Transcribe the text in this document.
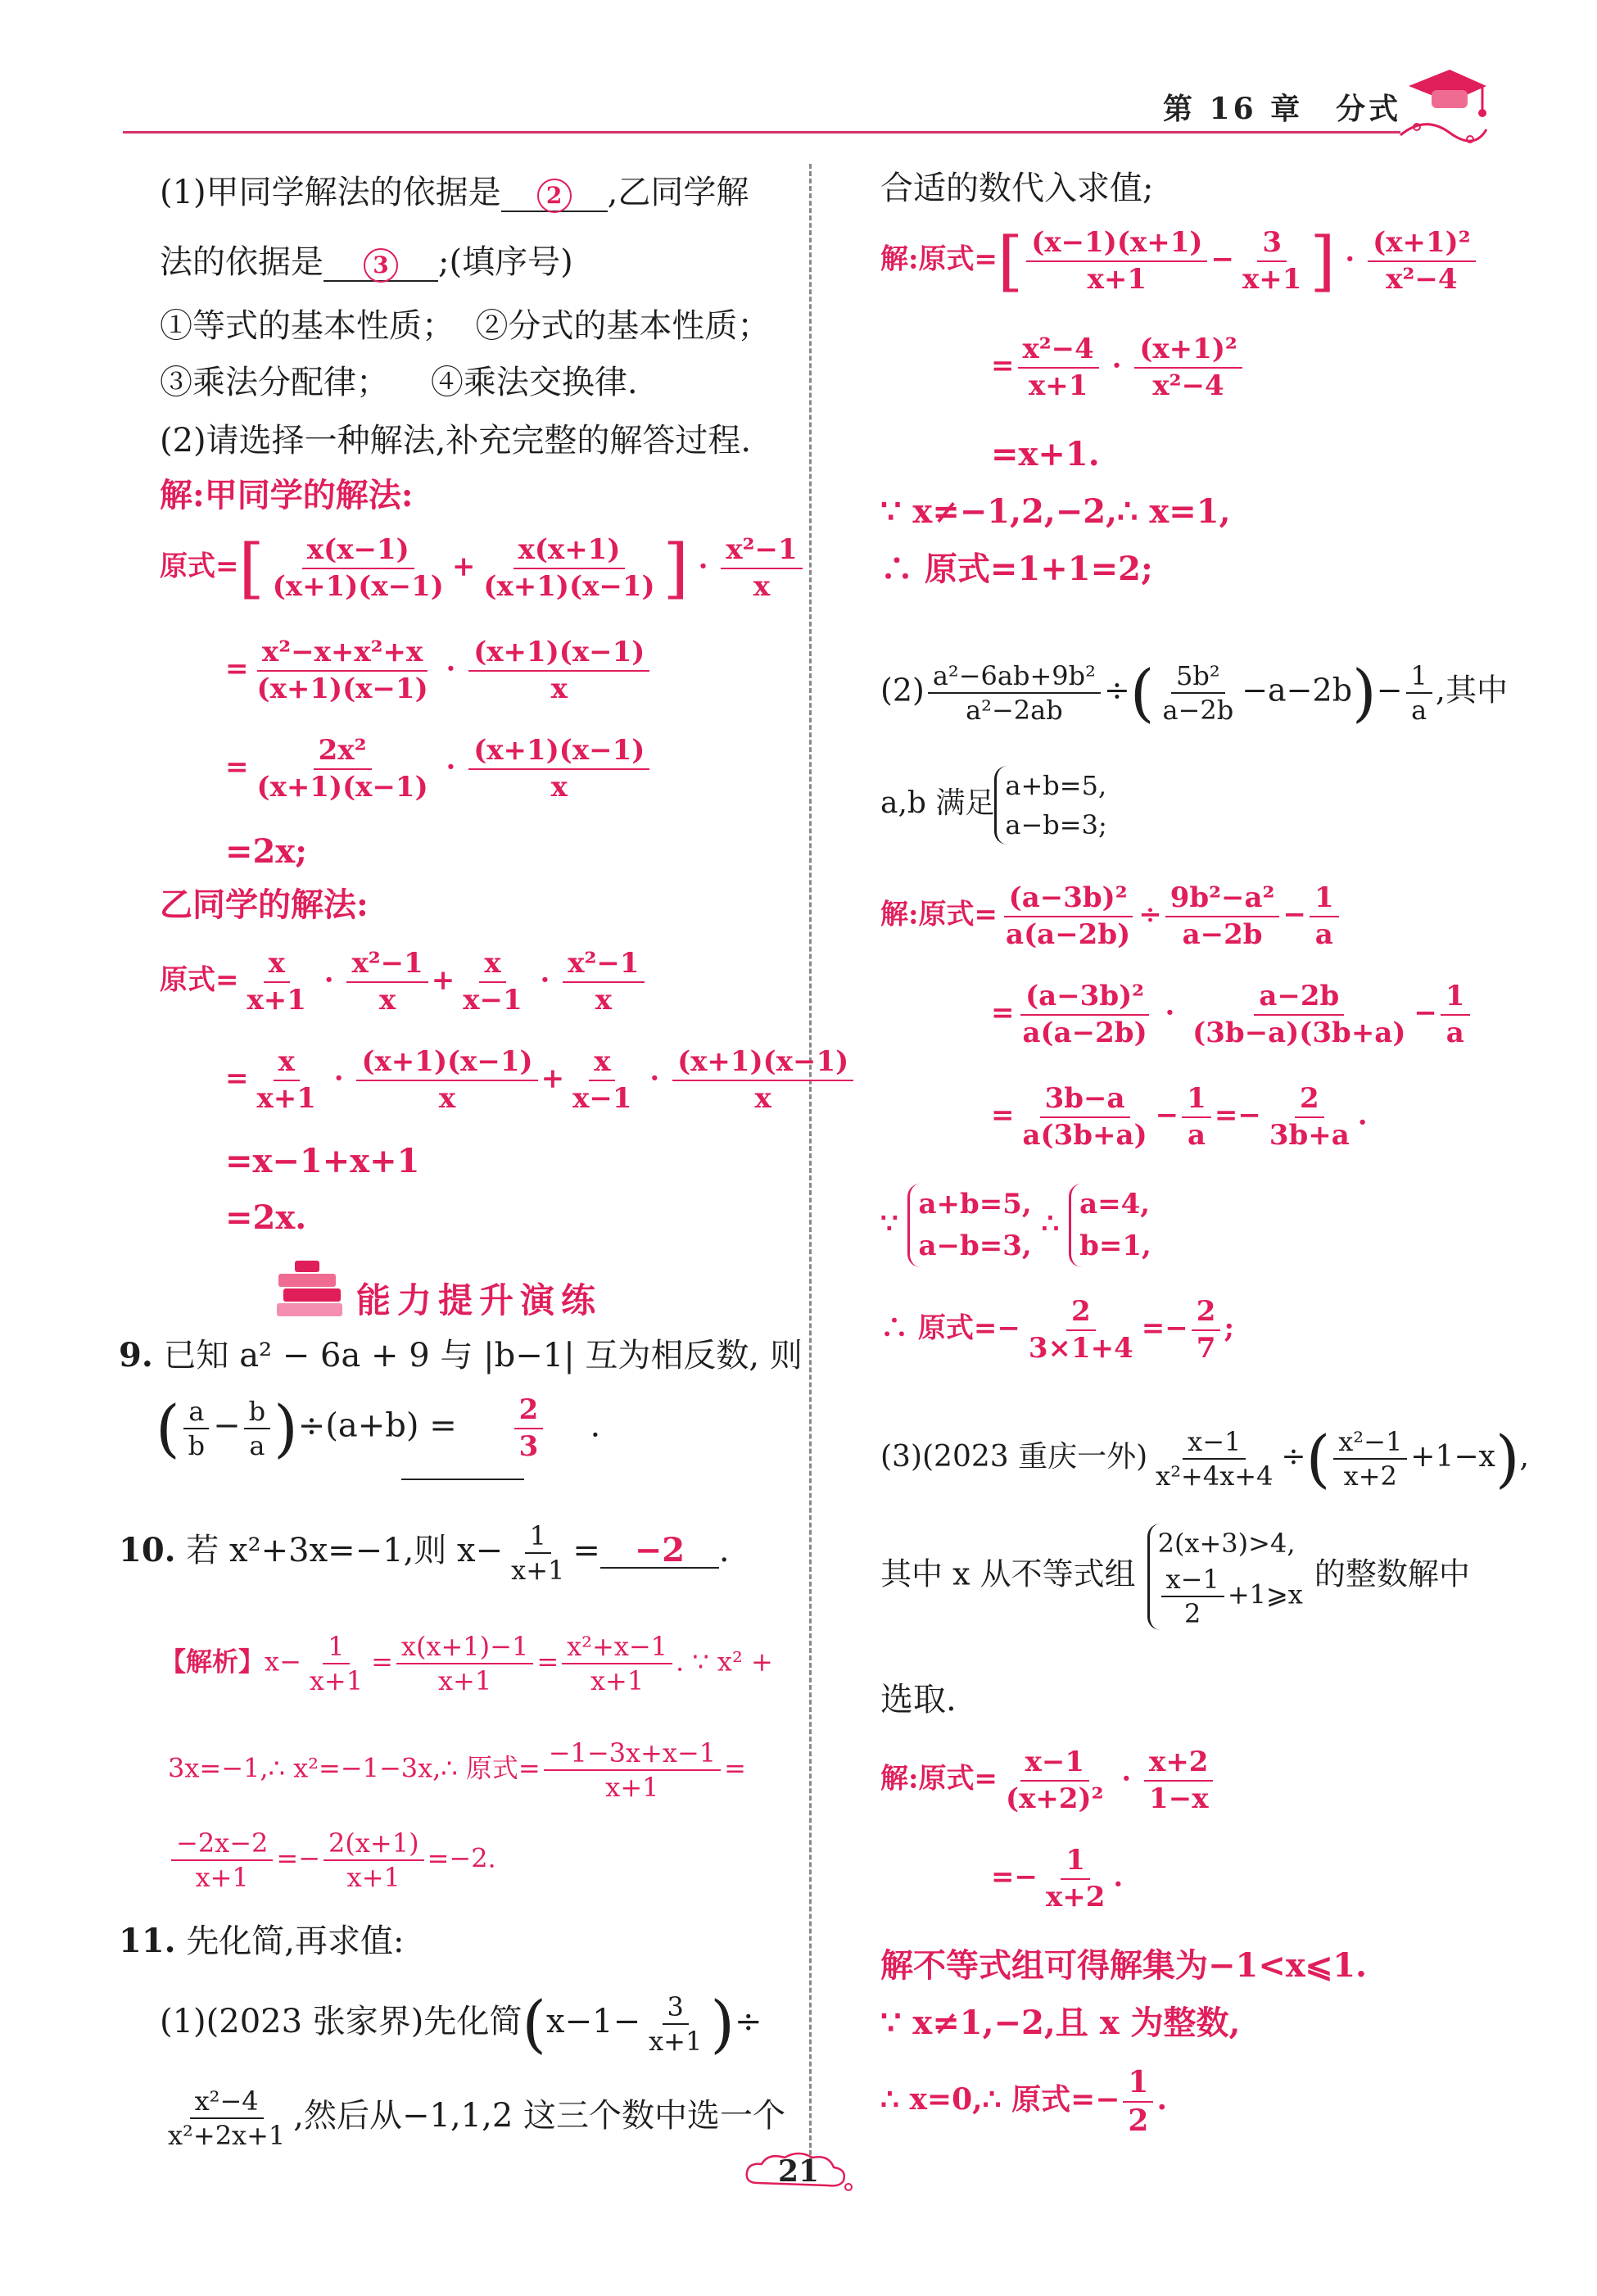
第 16 章　分式
(1)甲同学解法的依据是 2 ,乙同学解
法的依据是 3 ;(填序号)
①等式的基本性质； ②分式的基本性质；
③乘法分配律； ④乘法交换律.
(2)请选择一种解法,补充完整的解答过程.
解:甲同学的解法:
原式=[ $\frac{x(x-1)}{(x+1)(x-1)} + \frac{x(x+1)}{(x+1)(x-1)}$ ] · $\frac{\text{x²−1}}{x}$
= $\frac{\text{x²−x+x²+x}}{(x+1)(x-1)} \cdot \frac{(x+1)(x-1)}{x}$
= $\frac{\text{2x²}}{(x+1)(x-1)} \cdot \frac{(x+1)(x-1)}{x}$
=2x;
乙同学的解法:
原式= $\frac{x}{x+1} \cdot \frac{\text{x²−1}}{x} + \frac{x}{x-1} \cdot \frac{\text{x²−1}}{x}$
= $\frac{x}{x+1} \cdot \frac{(x+1)(x-1)}{x} + \frac{x}{x-1} \cdot \frac{(x+1)(x-1)}{x}$
=x−1+x+1
=2x.
能力提升演练
9. 已知 a² − 6a + 9 与 |b−1| 互为相反数, 则
( $\frac{a}{b} - \frac{b}{a} )\div(a+b) = \frac{2}{3}$ .
10. 若 x²+3x=−1,则 $x- \frac{1}{x+1} = -2$ .
【解析】$x- \frac{1}{x+1} = \frac{x(x+1)-1}{x+1} = \frac{\text{x²+x−1}}{x+1}$ . ∵ x² +
3x=−1,∴ x²=−1−3x,∴ 原式= $\frac{-1-3x+x-1}{x+1}$ =
$\frac{-2x-2}{x+1} =- \frac{2(x+1)}{x+1} =-2$.
11. 先化简,再求值:
(1)(2023 张家界)先化简($x-1- \frac{3}{x+1}$ )÷
$\frac{\text{x²−4}}{\text{x²+2x+1}}$ ,然后从−1,1,2 这三个数中选一个
合适的数代入求值;
解:原式=[ $\frac{(x-1)(x+1)}{x+1} - \frac{3}{x+1}$ ] · $\frac{\text{(x+1)²}}{\text{x²−4}}$
= $\frac{\text{x²−4}}{x+1} \cdot \frac{\text{(x+1)²}}{\text{x²−4}}$
=x+1.
∵ x≠−1,2,−2,∴ x=1,
∴ 原式=1+1=2;
$(2) \frac{\text{a²−6ab+9b²}}{\text{a²−2ab}}$ ÷( $\frac{\text{5b²}}{a-2b} -a-2b)- \frac{1}{a}$ ,其中
a,b 满足
a+b=5,
a−b=3;
解:原式= $\frac{\text{(a−3b)²}}{a(a-2b)} \div \frac{\text{9b²−a²}}{a-2b} - \frac{1}{a}$
= $\frac{\text{(a−3b)²}}{a(a-2b)} \cdot \frac{a-2b}{(3b-a)(3b+a)} - \frac{1}{a}$
= $\frac{3b-a}{a(3b+a)} - \frac{1}{a} =- \frac{2}{3b+a}$ .
∵
a+b=5,
a−b=3,
∴
a=4,
b=1,
∴ 原式=− $\frac{2}{3\times 1+4} =- \frac{2}{7}$ ;
(3)(2023 重庆一外) $\frac{x-1}{\text{x²+4x+4}}$ ÷( $\frac{\text{x²−1}}{x+2} +1-x$),
其中 x 从不等式组
2(x+3)>4,
$\frac{x-1}{2}$ +1⩾x
的整数解中
选取.
解:原式= $\frac{x-1}{\text{(x+2)²}} \cdot \frac{x+2}{1-x}$
=− $\frac{1}{x+2}$ .
解不等式组可得解集为−1<x⩽1.
∵ x≠1,−2,且 x 为整数,
∴ x=0,∴ 原式=− $\frac{1}{2}$ .
21
